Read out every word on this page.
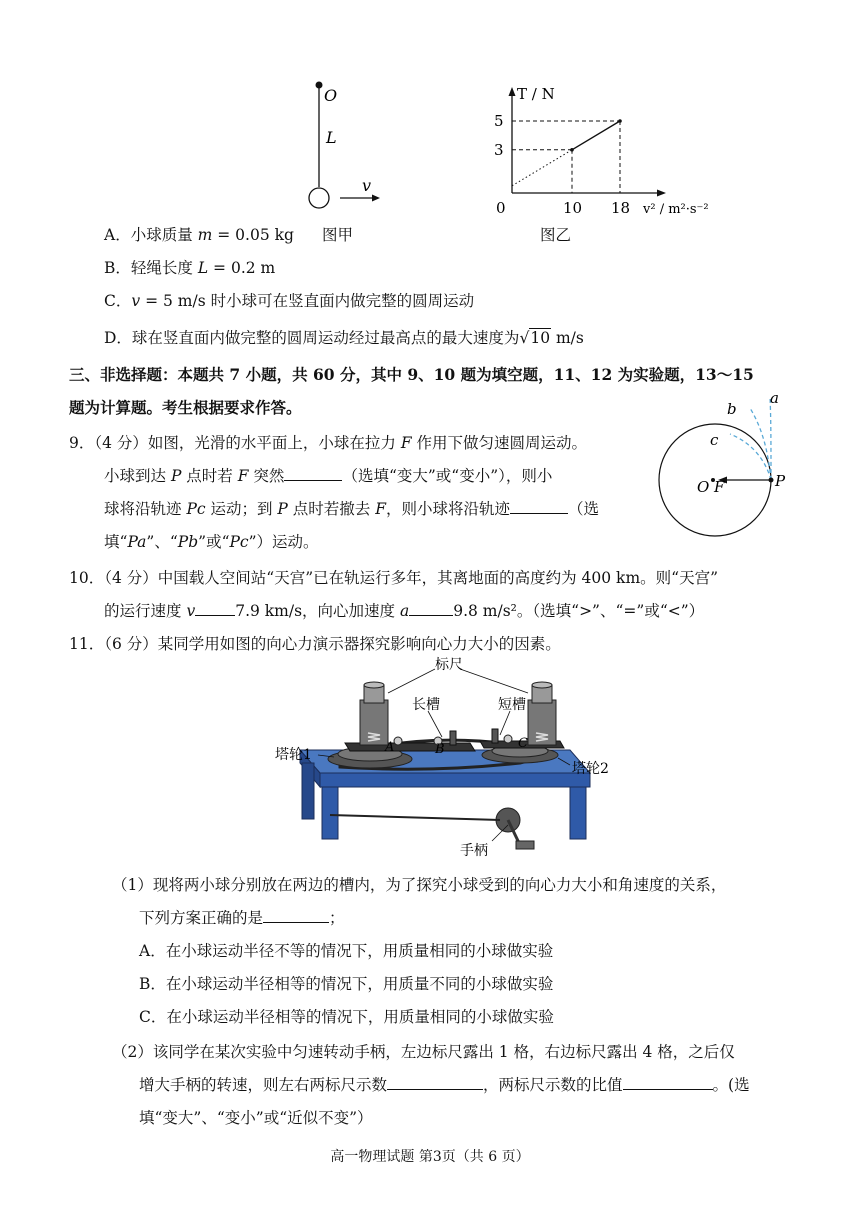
O
L
v
图甲
T / N
5
3
0	10 18 v² / m²·s⁻²
图乙
A．小球质量 m = 0.05 kg
B．轻绳长度 L = 0.2 m
C．v = 5 m/s 时小球可在竖直面内做完整的圆周运动
D．球在竖直面内做完整的圆周运动经过最高点的最大速度为√10 m/s
三、非选择题：本题共 7 小题，共 60 分，其中 9、10 题为填空题，11、12 为实验题，13～15
题为计算题。考生根据要求作答。
9．（4 分）如图，光滑的水平面上，小球在拉力 F 作用下做匀速圆周运动。
小球到达 P 点时若 F 突然	（选填“变大”或“变小”），则小
球将沿轨迹 Pc 运动；到 P 点时若撤去 F，则小球将沿轨迹	（选
填“Pa”、“Pb”或“Pc”）运动。
a
b
c
O F	P
10．（4 分）中国载人空间站“天宫”已在轨运行多年，其离地面的高度约为 400 km。则“天宫”
的运行速度 v	7.9 km/s，向心加速度 a	9.8 m/s²。（选填“>”、“=”或“<”）
11．（6 分）某同学用如图的向心力演示器探究影响向心力大小的因素。
标尺
长槽	短槽
塔轮1
塔轮2
手柄
A	B	C
（1）现将两小球分别放在两边的槽内，为了探究小球受到的向心力大小和角速度的关系，
下列方案正确的是	；
A．在小球运动半径不等的情况下，用质量相同的小球做实验
B．在小球运动半径相等的情况下，用质量不同的小球做实验
C．在小球运动半径相等的情况下，用质量相同的小球做实验
（2）该同学在某次实验中匀速转动手柄，左边标尺露出 1 格，右边标尺露出 4 格，之后仅
增大手柄的转速，则左右两标尺示数	，两标尺示数的比值	。(选
填“变大”、“变小”或“近似不变”）
高一物理试题 第3页（共 6 页）
